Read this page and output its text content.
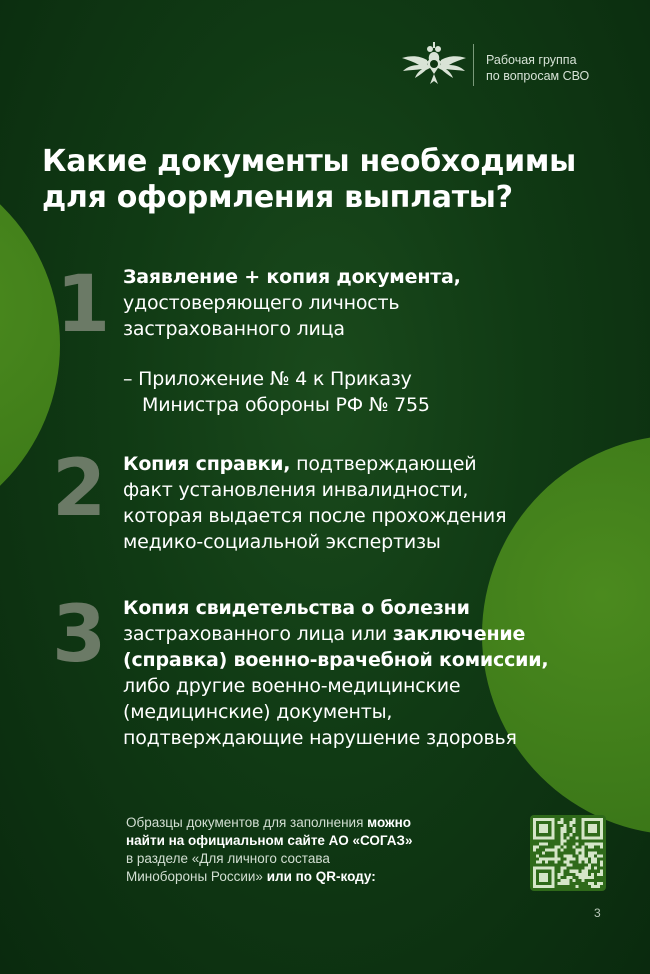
Рабочая группа
по вопросам СВО
Какие документы необходимы
для оформления выплаты?
1 Заявление + копия документа,

удостоверяющего личность

застрахованного лица

– Приложение № 4 к Приказу

Министра обороны РФ № 755

2 Копия справки, подтверждающей

факт установления инвалидности,

которая выдается после прохождения

медико-социальной экспертизы

3 Копия свидетельства о болезни

застрахованного лица или заключение

(справка) военно-врачебной комиссии,

либо другие военно-медицинские

(медицинские) документы,

подтверждающие нарушение здоровья

Образцы документов для заполнения можно
найти на официальном сайте АО «СОГАЗ»
в разделе «Для личного состава
Минобороны России» или по QR-коду:
3
